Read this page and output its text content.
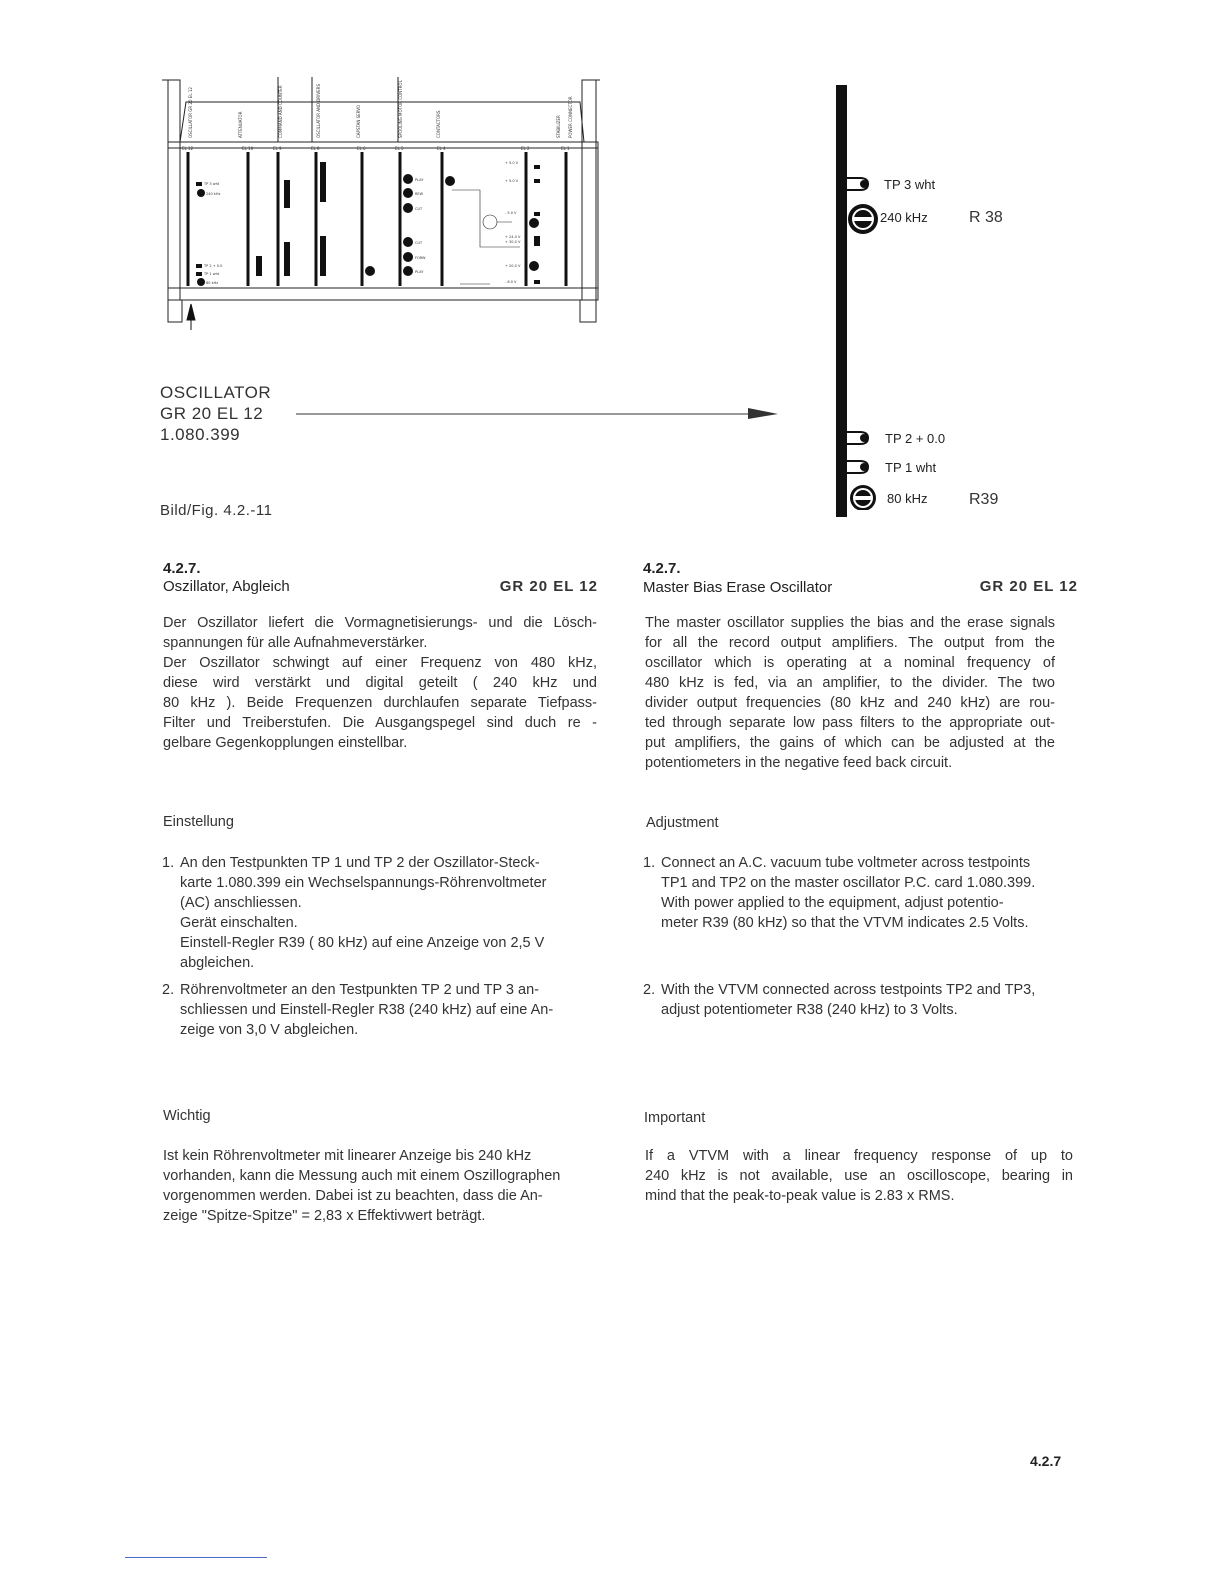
EL 12	EL 10	EL 9	EL 8	EL 6	EL 5	EL 4	EL 2	EL 1
OSCILLATOR GR 20 EL 12	ATTENUATOR	COMMAND AND COUNTER	OSCILLATOR AND DRIVERS	CAPSTAN SERVO	SPOOLING MOTOR CONTROL	CONTACTORS	STABILIZER POWER CONNECTOR
TP 3 wht
240 kHz
TP 2 + 0.0
TP 1 wht
80 kHz
PLAY
REW
CUT
CUT
FORW
PLAY
+ 5.0 V
+ 5.0 V
- 5.0 V
+ 24.0 V
+ 30.0 V
+ 20.0 V
- 6.0 V
OSCILLATOR
GR 20 EL 12
1.080.399
Bild/Fig. 4.2.-11
TP 3 wht
240 kHz	R 38
TP 2 + 0.0
TP 1 wht
80 kHz	R39
4.2.7.
Oszillator, Abgleich	GR 20 EL 12
Der Oszillator liefert die Vormagnetisierungs- und die Lösch-
spannungen für alle Aufnahmeverstärker.
Der Oszillator schwingt auf einer Frequenz von 480 kHz,
diese wird verstärkt und digital geteilt ( 240 kHz und
80 kHz ). Beide Frequenzen durchlaufen separate Tiefpass-
Filter und Treiberstufen. Die Ausgangspegel sind duch re -
gelbare Gegenkopplungen einstellbar.
Einstellung
1. An den Testpunkten TP 1 und TP 2 der Oszillator-Steck-
karte 1.080.399 ein Wechselspannungs-Röhrenvoltmeter
(AC) anschliessen.
Gerät einschalten.
Einstell-Regler R39 ( 80 kHz) auf eine Anzeige von 2,5 V
abgleichen.
2. Röhrenvoltmeter an den Testpunkten TP 2 und TP 3 an-
schliessen und Einstell-Regler R38 (240 kHz) auf eine An-
zeige von 3,0 V abgleichen.
Wichtig
Ist kein Röhrenvoltmeter mit linearer Anzeige bis 240 kHz
vorhanden, kann die Messung auch mit einem Oszillographen
vorgenommen werden. Dabei ist zu beachten, dass die An-
zeige "Spitze-Spitze" = 2,83 x Effektivwert beträgt.
4.2.7.
Master Bias Erase Oscillator	GR 20 EL 12
The master oscillator supplies the bias and the erase signals
for all the record output amplifiers. The output from the
oscillator which is operating at a nominal frequency of
480 kHz is fed, via an amplifier, to the divider. The two
divider output frequencies (80 kHz and 240 kHz) are rou-
ted through separate low pass filters to the appropriate out-
put amplifiers, the gains of which can be adjusted at the
potentiometers in the negative feed back circuit.
Adjustment
1. Connect an A.C. vacuum tube voltmeter across testpoints
TP1 and TP2 on the master oscillator P.C. card 1.080.399.
With power applied to the equipment, adjust potentio-
meter R39 (80 kHz) so that the VTVM indicates 2.5 Volts.
2. With the VTVM connected across testpoints TP2 and TP3,
adjust potentiometer R38 (240 kHz) to 3 Volts.
Important
If a VTVM with a linear frequency response of up to
240 kHz is not available, use an oscilloscope, bearing in
mind that the peak-to-peak value is 2.83 x RMS.
4.2.7
